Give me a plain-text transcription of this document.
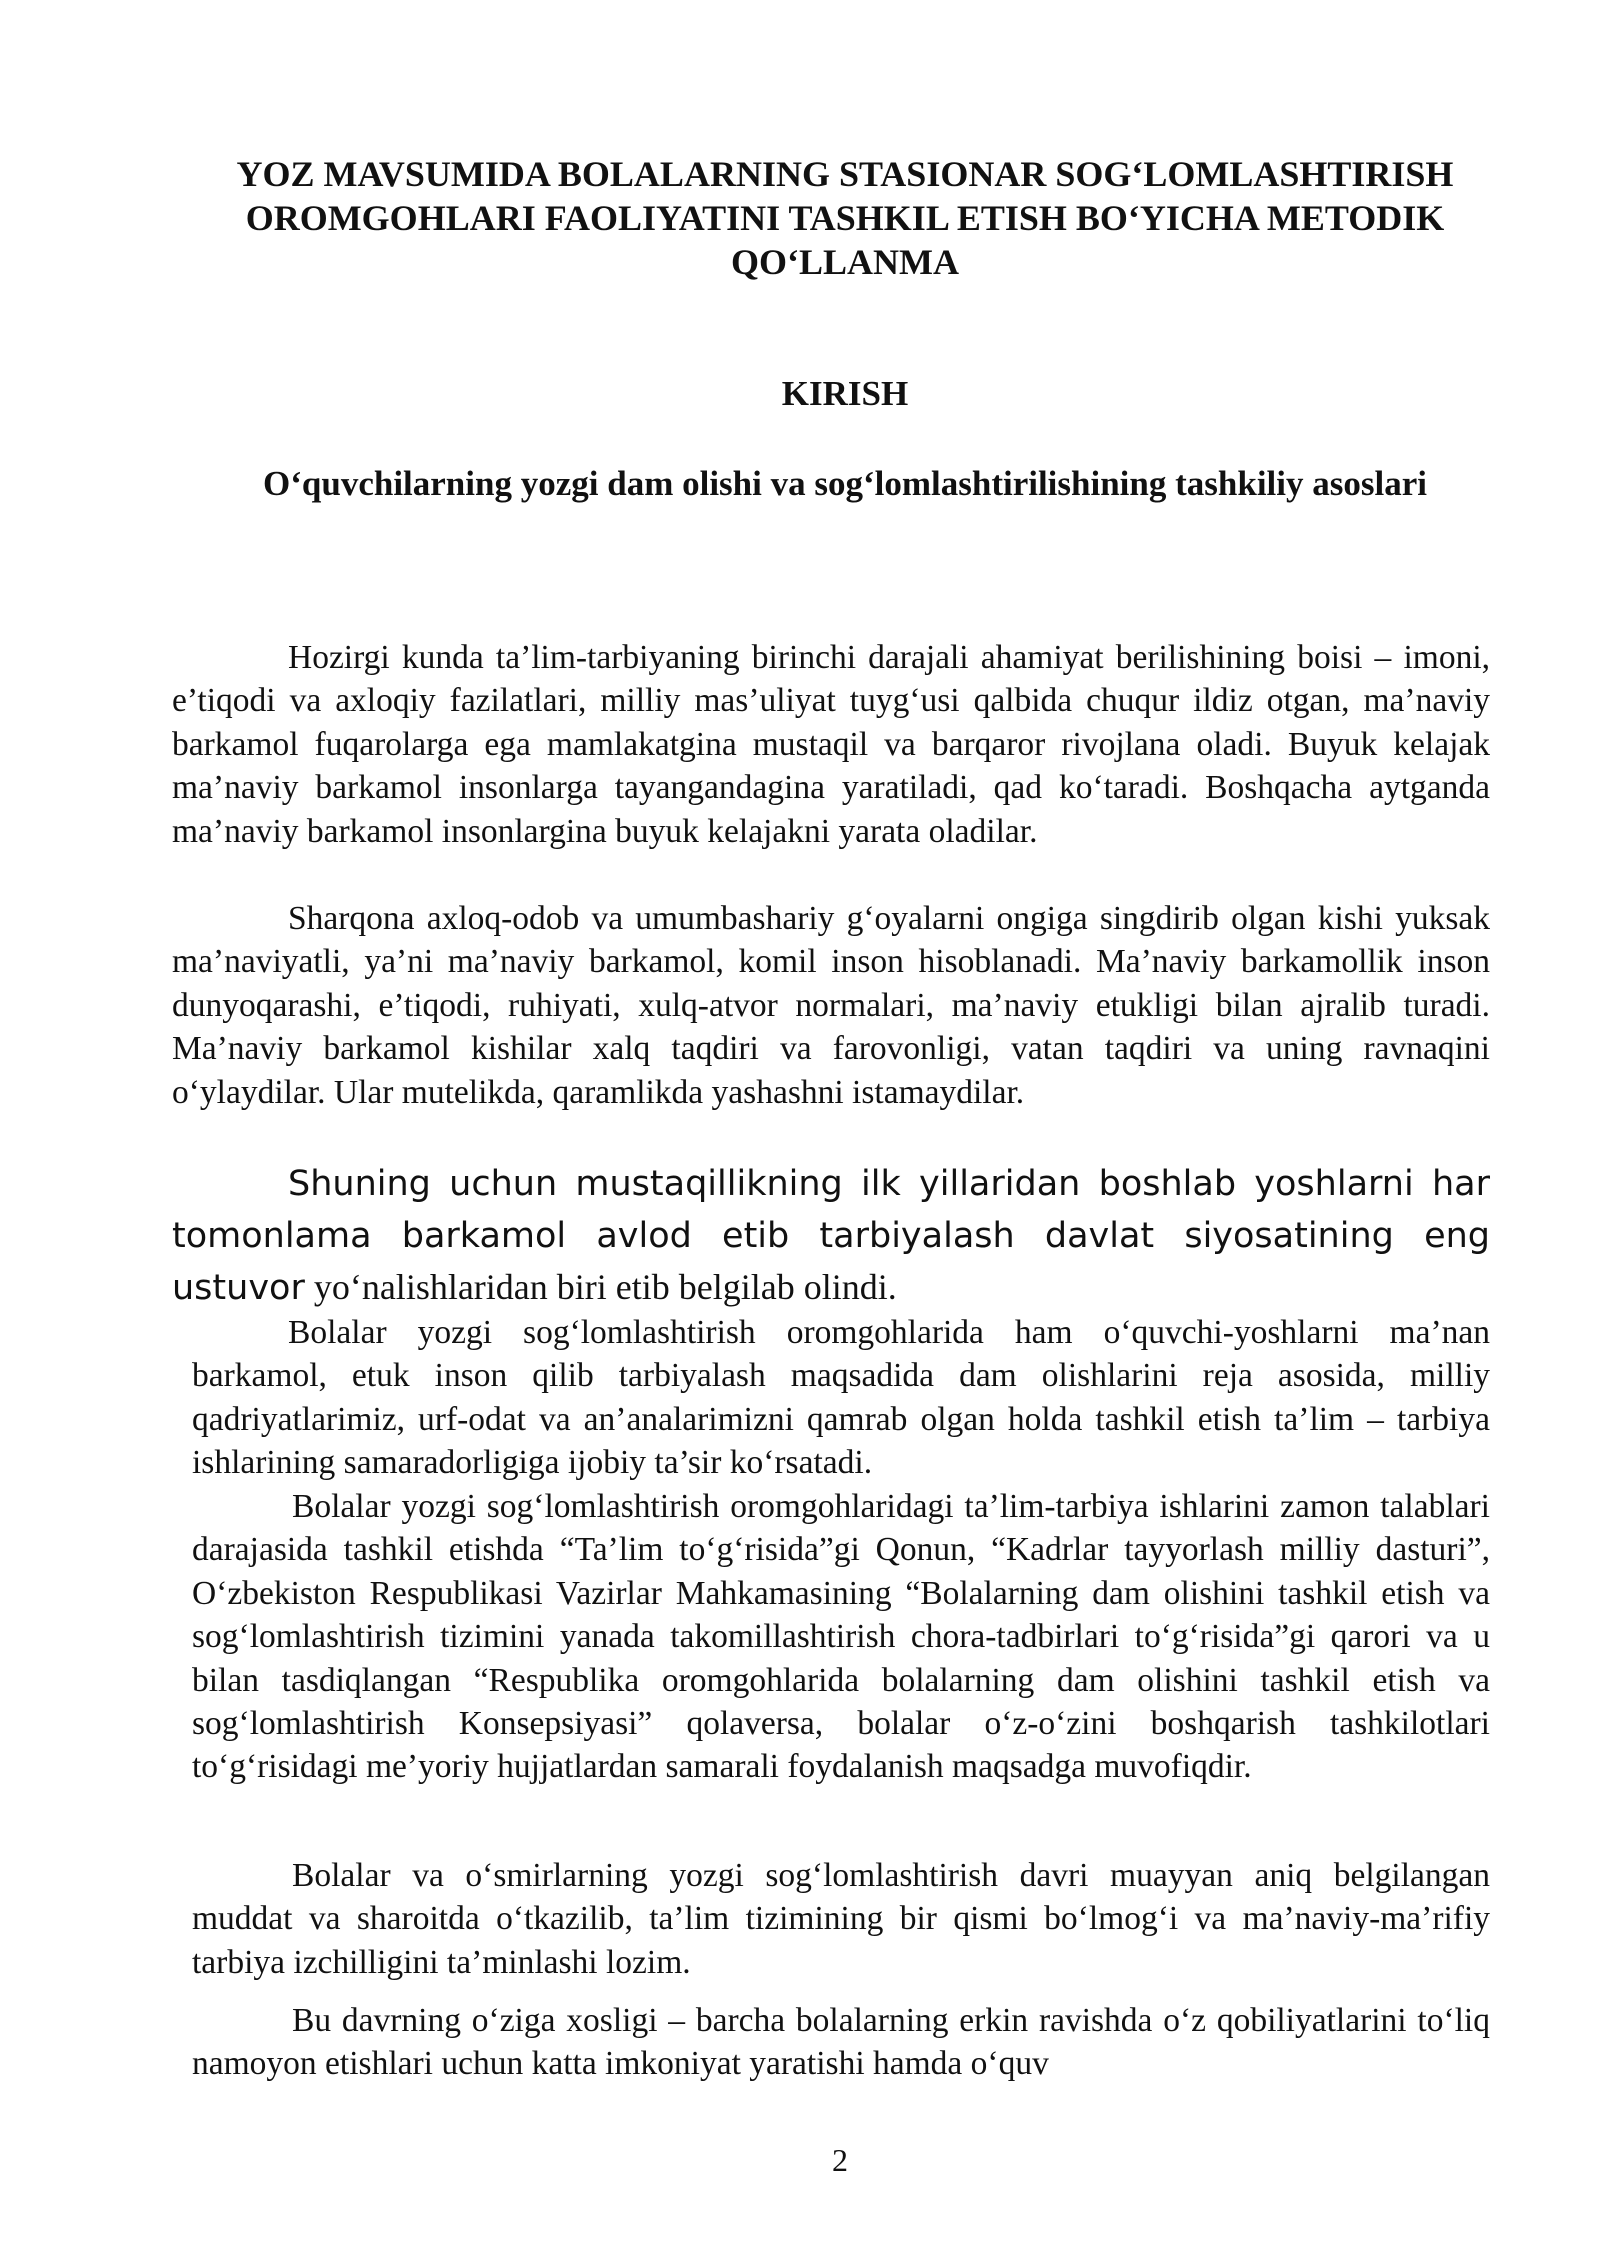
YOZ MAVSUMIDA BOLALARNING STASIONAR SOG‘LOMLASHTIRISH OROMGOHLARI FAOLIYATINI TASHKIL ETISH BO‘YICHA METODIK QO‘LLANMA
KIRISH
O‘quvchilarning yozgi dam olishi va sog‘lomlashtirilishining tashkiliy asoslari

Hozirgi kunda ta’lim-tarbiyaning birinchi darajali ahamiyat berilishining boisi – imoni, e’tiqodi va axloqiy fazilatlari, milliy mas’uliyat tuyg‘usi qalbida chuqur ildiz otgan, ma’naviy barkamol fuqarolarga ega mamlakatgina mustaqil va barqaror rivojlana oladi. Buyuk kelajak ma’naviy barkamol insonlarga tayangandagina yaratiladi, qad ko‘taradi. Boshqacha aytganda ma’naviy barkamol insonlargina buyuk kelajakni yarata oladilar.

Sharqona axloq-odob va umumbashariy g‘oyalarni ongiga singdirib olgan kishi yuksak ma’naviyatli, ya’ni ma’naviy barkamol, komil inson hisoblanadi. Ma’naviy barkamollik inson dunyoqarashi, e’tiqodi, ruhiyati, xulq-atvor normalari, ma’naviy etukligi bilan ajralib turadi. Ma’naviy barkamol kishilar xalq taqdiri va farovonligi, vatan taqdiri va uning ravnaqini o‘ylaydilar. Ular mutelikda, qaramlikda yashashni istamaydilar.

Shuning uchun mustaqillikning ilk yillaridan boshlab yoshlarni har tomonlama barkamol avlod etib tarbiyalash davlat siyosatining eng ustuvor yo‘nalishlaridan biri etib belgilab olindi.

Bolalar yozgi sog‘lomlashtirish oromgohlarida ham o‘quvchi-yoshlarni ma’nan barkamol, etuk inson qilib tarbiyalash maqsadida dam olishlarini reja asosida, milliy qadriyatlarimiz, urf-odat va an’analarimizni qamrab olgan holda tashkil etish ta’lim – tarbiya ishlarining samaradorligiga ijobiy ta’sir ko‘rsatadi.

Bolalar yozgi sog‘lomlashtirish oromgohlaridagi ta’lim-tarbiya ishlarini zamon talablari darajasida tashkil etishda “Ta’lim to‘g‘risida”gi Qonun, “Kadrlar tayyorlash milliy dasturi”, O‘zbekiston Respublikasi Vazirlar Mahkamasining “Bolalarning dam olishini tashkil etish va sog‘lomlashtirish tizimini yanada takomillashtirish chora-tadbirlari to‘g‘risida”gi qarori va u bilan tasdiqlangan “Respublika oromgohlarida bolalarning dam olishini tashkil etish va sog‘lomlashtirish Konsepsiyasi” qolaversa, bolalar o‘z-o‘zini boshqarish tashkilotlari to‘g‘risidagi me’yoriy hujjatlardan samarali foydalanish maqsadga muvofiqdir.

Bolalar va o‘smirlarning yozgi sog‘lomlashtirish davri muayyan aniq belgilangan muddat va sharoitda o‘tkazilib, ta’lim tizimining bir qismi bo‘lmog‘i va ma’naviy-ma’rifiy tarbiya izchilligini ta’minlashi lozim.

Bu davrning o‘ziga xosligi – barcha bolalarning erkin ravishda o‘z qobiliyatlarini to‘liq namoyon etishlari uchun katta imkoniyat yaratishi hamda o‘quv

2
